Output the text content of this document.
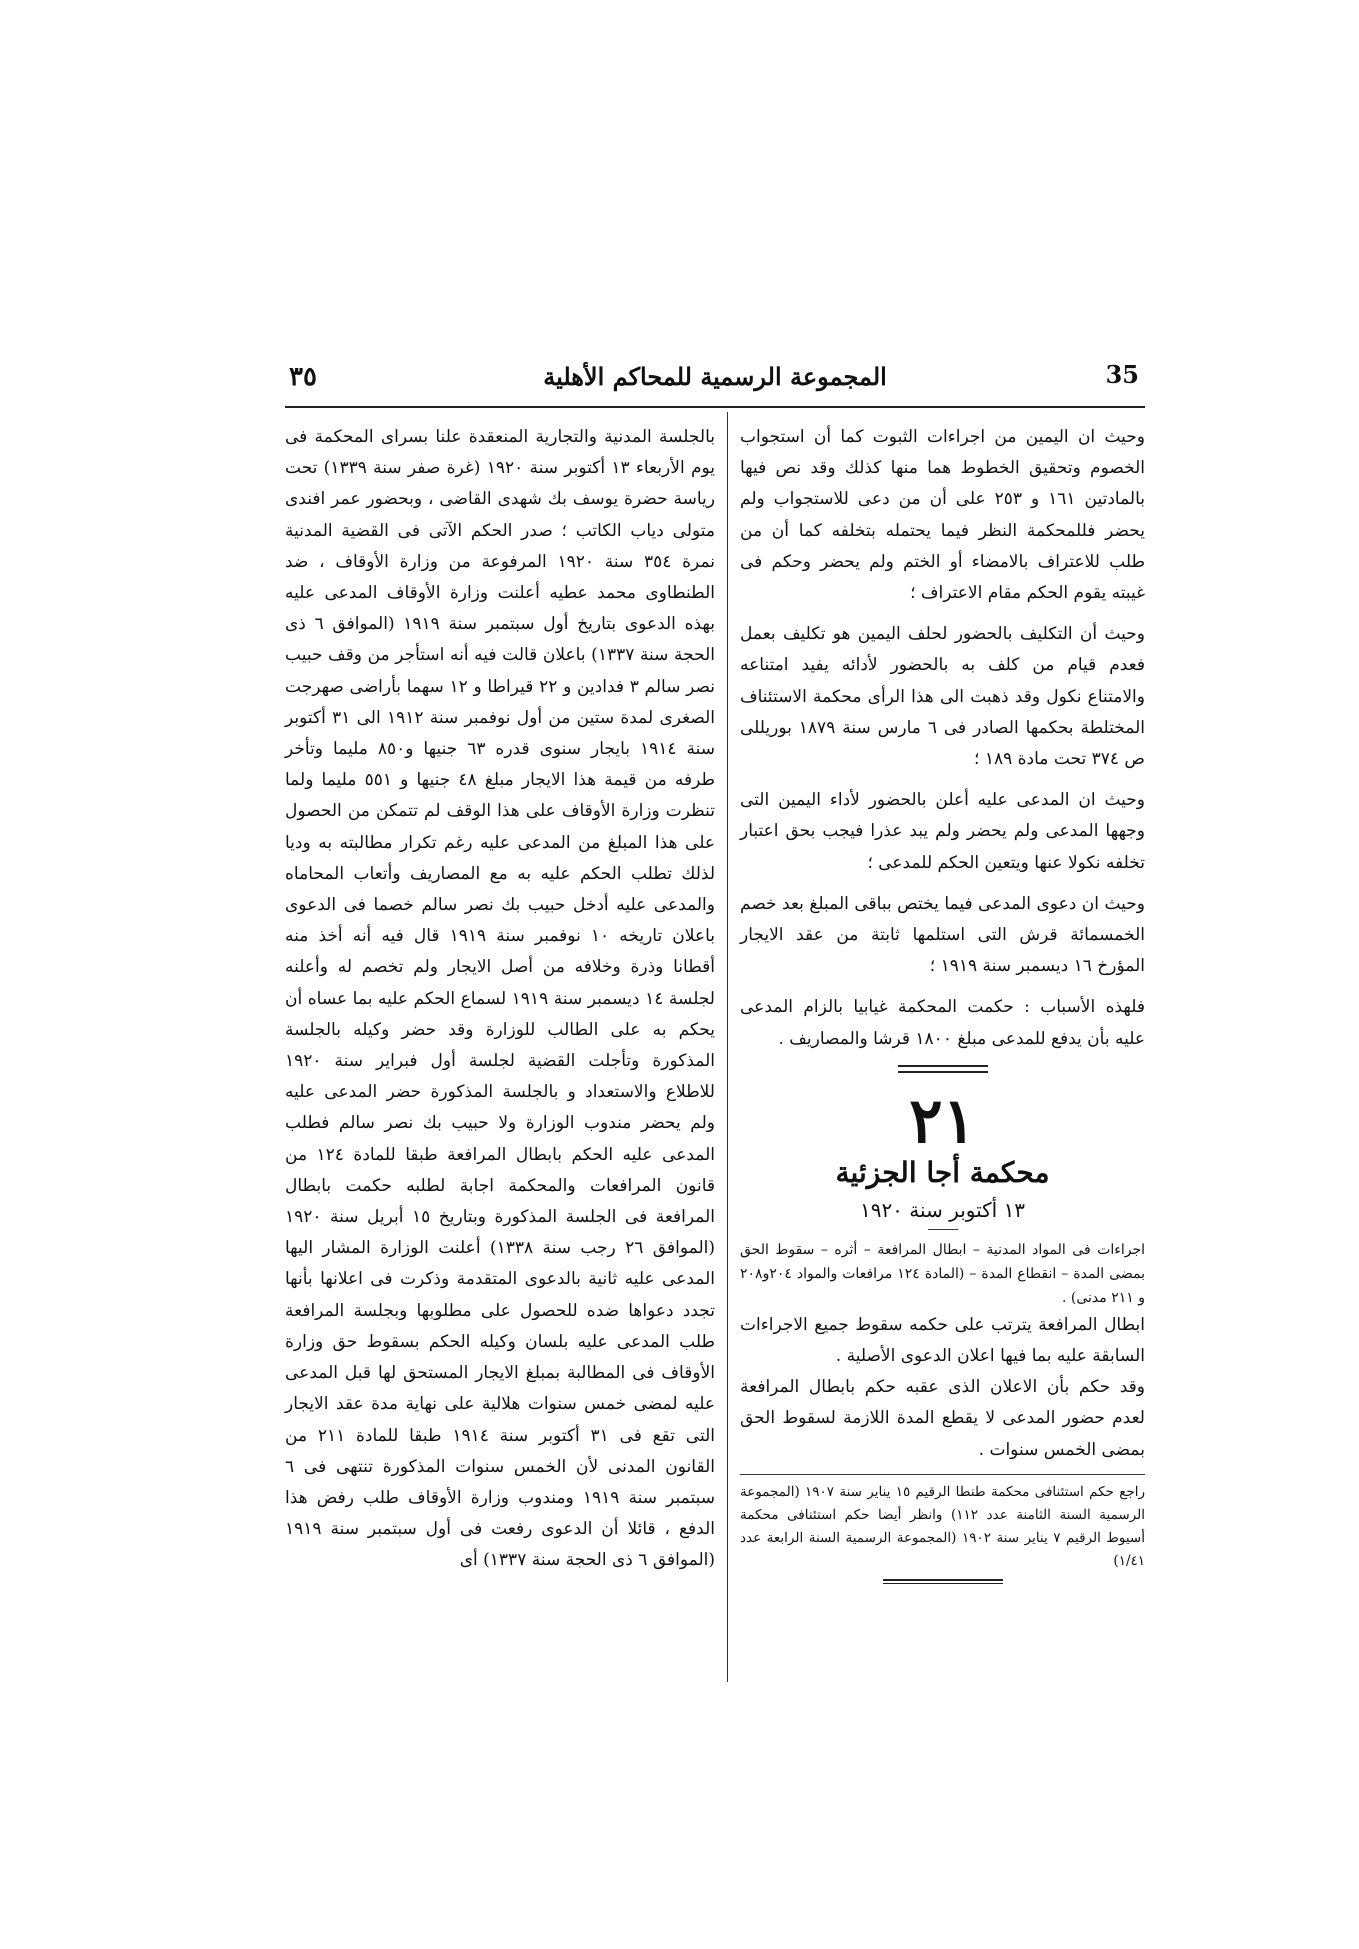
٣٥	المجموعة الرسمية للمحاكم الأهلية	35

وحيث ان اليمين من اجراءات الثبوت كما أن استجواب الخصوم وتحقيق الخطوط هما منها كذلك وقد نص فيها بالمادتين ١٦١ و ٢٥٣ على أن من دعى للاستجواب ولم يحضر فللمحكمة النظر فيما يحتمله بتخلفه كما أن من طلب للاعتراف بالامضاء أو الختم ولم يحضر وحكم فى غيبته يقوم الحكم مقام الاعتراف ؛

وحيث أن التكليف بالحضور لحلف اليمين هو تكليف بعمل فعدم قيام من كلف به بالحضور لأدائه يفيد امتناعه والامتناع نكول وقد ذهبت الى هذا الرأى محكمة الاستئناف المختلطة بحكمها الصادر فى ٦ مارس سنة ١٨٧٩ بوريللى ص ٣٧٤ تحت مادة ١٨٩ ؛

وحيث ان المدعى عليه أعلن بالحضور لأداء اليمين التى وجهها المدعى ولم يحضر ولم يبد عذرا فيجب بحق اعتبار تخلفه نكولا عنها ويتعين الحكم للمدعى ؛

وحيث ان دعوى المدعى فيما يختص بباقى المبلغ بعد خصم الخمسمائة قرش التى استلمها ثابتة من عقد الايجار المؤرخ ١٦ ديسمبر سنة ١٩١٩ ؛

فلهذه الأسباب : حكمت المحكمة غيابيا بالزام المدعى عليه بأن يدفع للمدعى مبلغ ١٨٠٠ قرشا والمصاريف .

٢١
محكمة أجا الجزئية
١٣ أكتوبر سنة ١٩٢٠

اجراءات فى المواد المدنية – ابطال المرافعة – أثره – سقوط الحق بمضى المدة – انقطاع المدة – (المادة ١٢٤ مرافعات والمواد ٢٠٤و٢٠٨ و ٢١١ مدنى) .

ابطال المرافعة يترتب على حكمه سقوط جميع الاجراءات السابقة عليه بما فيها اعلان الدعوى الأصلية .

وقد حكم بأن الاعلان الذى عقبه حكم بابطال المرافعة لعدم حضور المدعى لا يقطع المدة اللازمة لسقوط الحق بمضى الخمس سنوات .

راجع حكم استئنافى محكمة طنطا الرقيم ١٥ يناير سنة ١٩٠٧ (المجموعة الرسمية السنة الثامنة عدد ١١٢) وانظر أيضا حكم استئنافى محكمة أسيوط الرقيم ٧ يناير سنة ١٩٠٢ (المجموعة الرسمية السنة الرابعة عدد ١/٤١)

بالجلسة المدنية والتجارية المنعقدة علنا بسراى المحكمة فى يوم الأربعاء ١٣ أكتوبر سنة ١٩٢٠ (غرة صفر سنة ١٣٣٩) تحت رياسة حضرة يوسف بك شهدى القاضى ، وبحضور عمر افندى متولى دياب الكاتب ؛ صدر الحكم الآتى فى القضية المدنية نمرة ٣٥٤ سنة ١٩٢٠ المرفوعة من وزارة الأوقاف ، ضد الطنطاوى محمد عطيه أعلنت وزارة الأوقاف المدعى عليه بهذه الدعوى بتاريخ أول سبتمبر سنة ١٩١٩ (الموافق ٦ ذى الحجة سنة ١٣٣٧) باعلان قالت فيه أنه استأجر من وقف حبيب نصر سالم ٣ فدادين و ٢٢ قيراطا و ١٢ سهما بأراضى صهرجت الصغرى لمدة ستين من أول نوفمبر سنة ١٩١٢ الى ٣١ أكتوبر سنة ١٩١٤ بايجار سنوى قدره ٦٣ جنيها و٨٥٠ مليما وتأخر طرفه من قيمة هذا الايجار مبلغ ٤٨ جنيها و ٥٥١ مليما ولما تنظرت وزارة الأوقاف على هذا الوقف لم تتمكن من الحصول على هذا المبلغ من المدعى عليه رغم تكرار مطالبته به وديا لذلك تطلب الحكم عليه به مع المصاريف وأتعاب المحاماه والمدعى عليه أدخل حبيب بك نصر سالم خصما فى الدعوى باعلان تاريخه ١٠ نوفمبر سنة ١٩١٩ قال فيه أنه أخذ منه أقطانا وذرة وخلافه من أصل الايجار ولم تخصم له وأعلنه لجلسة ١٤ ديسمبر سنة ١٩١٩ لسماع الحكم عليه بما عساه أن يحكم به على الطالب للوزارة وقد حضر وكيله بالجلسة المذكورة وتأجلت القضية لجلسة أول فبراير سنة ١٩٢٠ للاطلاع والاستعداد و بالجلسة المذكورة حضر المدعى عليه ولم يحضر مندوب الوزارة ولا حبيب بك نصر سالم فطلب المدعى عليه الحكم بابطال المرافعة طبقا للمادة ١٢٤ من قانون المرافعات والمحكمة اجابة لطلبه حكمت بابطال المرافعة فى الجلسة المذكورة وبتاريخ ١٥ أبريل سنة ١٩٢٠ (الموافق ٢٦ رجب سنة ١٣٣٨) أعلنت الوزارة المشار اليها المدعى عليه ثانية بالدعوى المتقدمة وذكرت فى اعلانها بأنها تجدد دعواها ضده للحصول على مطلوبها وبجلسة المرافعة طلب المدعى عليه بلسان وكيله الحكم بسقوط حق وزارة الأوقاف فى المطالبة بمبلغ الايجار المستحق لها قبل المدعى عليه لمضى خمس سنوات هلالية على نهاية مدة عقد الايجار التى تقع فى ٣١ أكتوبر سنة ١٩١٤ طبقا للمادة ٢١١ من القانون المدنى لأن الخمس سنوات المذكورة تنتهى فى ٦ سبتمبر سنة ١٩١٩ ومندوب وزارة الأوقاف طلب رفض هذا الدفع ، قائلا أن الدعوى رفعت فى أول سبتمبر سنة ١٩١٩ (الموافق ٦ ذى الحجة سنة ١٣٣٧) أى
